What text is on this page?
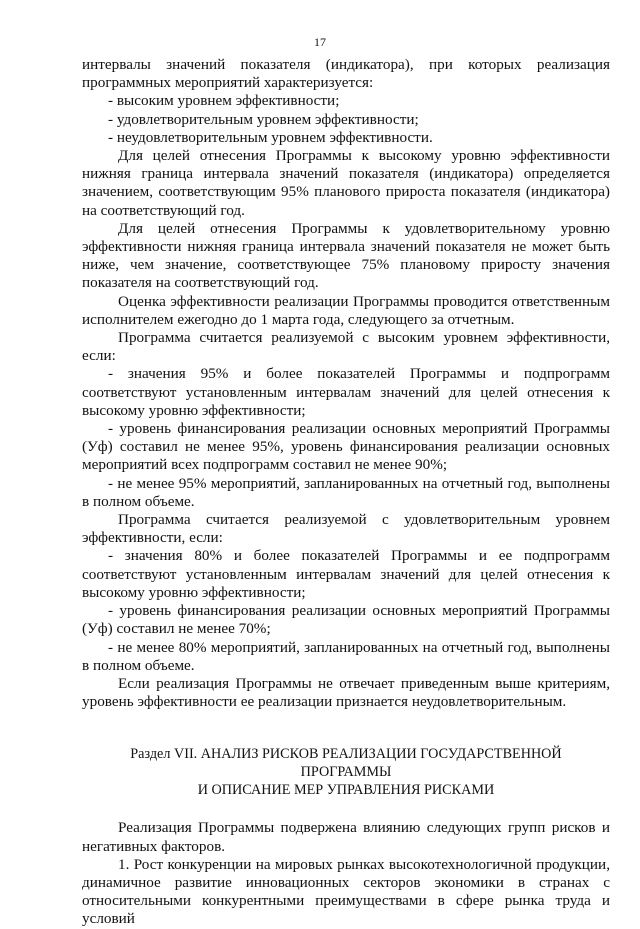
17

интервалы значений показателя (индикатора), при которых реализация программных мероприятий характеризуется:

- высоким уровнем эффективности;

- удовлетворительным уровнем эффективности;

- неудовлетворительным уровнем эффективности.

Для целей отнесения Программы к высокому уровню эффективности нижняя граница интервала значений показателя (индикатора) определяется значением, соответствующим 95% планового прироста показателя (индикатора) на соответствующий год.

Для целей отнесения Программы к удовлетворительному уровню эффективности нижняя граница интервала значений показателя не может быть ниже, чем значение, соответствующее 75% плановому приросту значения показателя на соответствующий год.

Оценка эффективности реализации Программы проводится ответственным исполнителем ежегодно до 1 марта года, следующего за отчетным.

Программа считается реализуемой с высоким уровнем эффективности, если:

- значения 95% и более показателей Программы и подпрограмм соответствуют установленным интервалам значений для целей отнесения к высокому уровню эффективности;

- уровень финансирования реализации основных мероприятий Программы (Уф) составил не менее 95%, уровень финансирования реализации основных мероприятий всех подпрограмм составил не менее 90%;

- не менее 95% мероприятий, запланированных на отчетный год, выполнены в полном объеме.

Программа считается реализуемой с удовлетворительным уровнем эффективности, если:

- значения 80% и более показателей Программы и ее подпрограмм соответствуют установленным интервалам значений для целей отнесения к высокому уровню эффективности;

- уровень финансирования реализации основных мероприятий Программы (Уф) составил не менее 70%;

- не менее 80% мероприятий, запланированных на отчетный год, выполнены в полном объеме.

Если реализация Программы не отвечает приведенным выше критериям, уровень эффективности ее реализации признается неудовлетворительным.

Раздел VII. АНАЛИЗ РИСКОВ РЕАЛИЗАЦИИ ГОСУДАРСТВЕННОЙ ПРОГРАММЫ

И ОПИСАНИЕ МЕР УПРАВЛЕНИЯ РИСКАМИ

Реализация Программы подвержена влиянию следующих групп рисков и негативных факторов.

1. Рост конкуренции на мировых рынках высокотехнологичной продукции, динамичное развитие инновационных секторов экономики в странах с относительными конкурентными преимуществами в сфере рынка труда и условий
